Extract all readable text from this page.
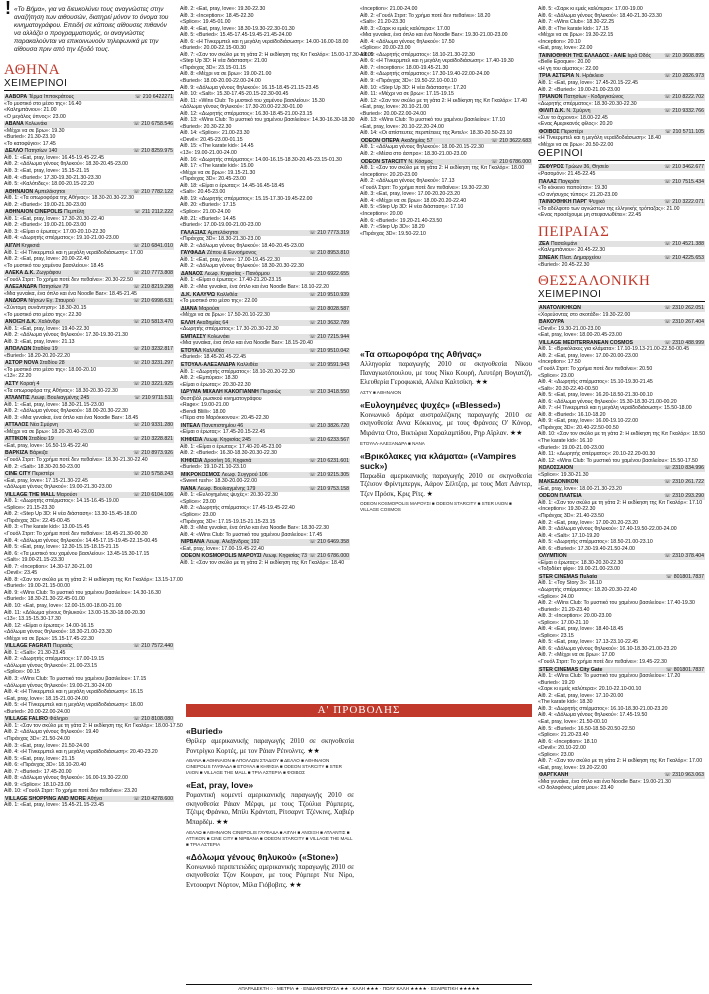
! «Το Βήμα», για να διευκολύνει τους αναγνώστες στην αναζήτηση των αιθουσών, διατηρεί μόνον το όνομα του κινηματογράφου. Επειδή σε κάποιες αίθουσες πιθανόν να αλλάζει ο προγραμματισμός, οι αναγνώστες παρακαλούνται να επικοινωνούν τηλεφωνικά με την αίθουσα πριν από την έξοδό τους.
ΑΘΗΝΑ
ΧΕΙΜΕΡΙΝΟΙ
ΑΑΒΟΡΑ Τέρμα Ιπποκράτους	☏ 210 6422271
«Το μυστικό στο μέσο της»: 16.40
«Καλημπάνιου»: 21.00
«Ο μεγάλος ύπνος»: 23.00
ΑΒΑΝΑ Κολωνάκι	☏ 210 6758.546
«Μέχρι να σε βρω»: 19.30
«Buried»: 21.30-23.10
«Το κατοφύγιο»: 17.45
ΔΕΛΛΟ Πατησίων 140	☏ 210 8259.975
Αίθ. 1: «Eat, pray, love»: 16.45-19.45-22.45
Αίθ. 2: «Δόλωμα γένους θηλυκού»: 18.30-20.45-23.00
Αίθ. 3: «Eat, pray, love»: 15.15-21.15
Αίθ. 4: «Buried»: 17.30-19.30-21.30-23.30
Αίθ. 5: «Καλότιδες»: 18.00-20.15-22.20
ΑΘΗΝΑΙΟΝ Αμπελόκηποι	☏ 210 7782.122
Αίθ. 1: «Τα οπωροφόρα της Αθήνας»: 18.30-20.30-22.30
Αίθ. 2: «Buried»: 19.00-21.30-23.00
ΑΘΗΝΑΙΟΝ CINEPOLIS Πεμπέλη	☏ 211 2112.222
Αίθ. 1: «Eat, pray, love»: 17.30-20.30-22.40
Αίθ. 2: «Buried»: 19.00-21.00-23.00
Αίθ. 3: «Είμαι ο έρωτας»: 17.00-20.10-22.30
Αίθ. 4: «Δωρητής σπέρματος»: 19.10-21.00-23.00
ΑΙΓΛΗ Κηφισιά	☏ 210 6841.010
Αίθ. 1: «Η Τίνκερμπελ και η μεγάλη νεραϊδοδιάσωση»: 17.00
Αίθ. 2: «Eat, pray, love»: 20.00-22.40
«Το μυστικό του χαμένου βασιλείου»: 18.45
ΑΛΕΚΑ Δ.Κ. Ζωγράφου	☏ 210 7773.808
«Γουόλ Στριτ: Το χρήμα ποτέ δεν πεθαίνει»: 20.30-22.50
ΑΛΕΞΑΝΔΡΑ Πατησίων 79	☏ 210 8219.298
«Μια γυναίκα, ένα όπλο και ένα Noodle Bar»: 18.45-21.45
ΑΝΔΟΡΑ Νήσων Εγ. Σταυρού	☏ 210 6998.631
«Σύντομη συνάντηση»: 18.30-20.15
«Το μυστικό στο μέσο της»: 22.30
ΑΝΟΙΞΗ Δ.Κ. Χαλάνδρι	☏ 210 5813.470
Αίθ. 1: «Eat, pray, love»: 19.40-22.30
Αίθ. 2: «Δόλωμα γένους θηλυκού»: 17.30-19.30-21.30
Αίθ. 3: «Eat, pray, love»: 21.13
ΑΠΟΛΛΩΝ Σταδίου 19	☏ 210 3232.817
«Buried»: 18.20-20.20-22.20
ΑΣΤΟΡ NOVA Σταδίου 28	☏ 210 3231.297
«Το μυστικό στο μέσο της»: 18.00-20.10
«13»: 22.20
ΑΣΤΥ Κοραή 4	☏ 210 3221.925
«Τα οπωροφόρα της Αθήνας»: 18.30-20.30-22.30
ΑΤΛΑΝΤΙΣ Λεωφ. Βουλιαγμένης 245	☏ 210 9711.511
Αίθ. 1: «Eat, pray, love»: 18.30-21.15-23.00
Αίθ. 2: «Δόλωμα γένους θηλυκού»: 18.00-20.30-22.30
Αίθ. 3: «Μια γυναίκα, ένα όπλο και ένα Noodle Bar»: 18.45
ΑΤΤΑΛΟΣ Νέα Σμύρνη	☏ 210 9331.280
«Μέχρι να σε βρω»: 18.20-20.40-23.00
ΑΤΤΙΚΟΝ Σταδίου 19	☏ 210 3228.821
«Eat, pray, love»: 16.50-19.45-22.40
ΒΑΡΚΙΖΑ Βάρκιζα	☏ 210 8973.926
«Γουόλ Στριτ: Το χρήμα ποτέ δεν πεθαίνει»: 18.30-21.30-22.40
Αίθ. 2: «Salt»: 18.30-20.50-23.00
CINE CITY Περιστέρι	☏ 210 5758.243
«Eat, pray, love»: 17.15-21.30-22.45
«Δόλωμα γένους θηλυκού»: 19.00-21.30-23.00
VILLAGE THE MALL Μαρούσι	☏ 210 6104.106
Αίθ. 1: «Δωρητής σπέρματος»: 14.15-16.45-19.00
«Splice»: 21.15-23.30
Αίθ. 2: «Step Up 3D: Η νέα διάσταση»: 13.30-15.45-18.00
«Πιράνχας 3D»: 22.45-00.45
Αίθ. 3: «The karate kid»: 13.00-15.45
«Γουόλ Στριτ: Το χρήμα ποτέ δεν πεθαίνει»: 18.45-21.30-00.30
Αίθ. 4: «Δόλωμα γένους θηλυκού»: 14.45-17.15-19.45-22.15-00.45
Αίθ. 5: «Eat, pray, love»: 12.30-15.15-18.15-21.15
Αίθ. 6: «Τα μυστικό του χαμένου βασιλείου»: 13.45-15.30-17.15
«Salt»: 19.00-21.15-23.30
Αίθ. 7: «Inception»: 14.30-17.30-21.00
«Devil»: 23.45
Αίθ. 8: «Σαν τον σκύλο με τη γάτα 2: Η εκδίκηση της Κιτ Γκαλόρ»: 13.15-17.00
«Buried»: 19.00-21.15-00.00
Αίθ. 9: «Wins Club: Το μυστικό του χαμένου βασιλείου»: 14.30-16.30
«Buried»: 18.30-21.30-22.45-01.00
Αίθ. 10: «Eat, pray, love»: 12.00-15.00-18.00-21.00
Αίθ. 11: «Δόλωμα γένους θηλυκού»: 13.00-15.30-18.00-20.30
«13»: 13.15-15.30-17.30
Αίθ. 12: «Είμαι ο έρωτας»: 14.00-16.15
«Δόλωμα γένους θηλυκού»: 18.30-21.00-23.30
«Μέχρι να σε βρω»: 15.15-17.45-22.30
VILLAGE FAGRATI Πειραιάς	☏ 210 7572.440
Αίθ. 1: «Salt»: 21.30-23.45
Αίθ. 2: «Δωρητής σπέρματος»: 17.00-19.15
«Δόλωμα γένους θηλυκού»: 21.00-23.15
«Splice»: 00.15
Αίθ. 3: «Wins Club: Το μυστικό του χαμένου βασιλείου»: 17.15
«Δόλωμα γένους θηλυκού»: 19.00-21.30-24.00
Αίθ. 4: «Η Τίνκερμπελ και η μεγάλη νεραϊδοδιάσωση»: 16.15
«Eat, pray, love»: 18.15-21.00-24.00
Αίθ. 5: «Η Τίνκερμπελ και η μεγάλη νεραϊδοδιάσωση»: 18.00
«Buried»: 20.00-22.00-24.00
VILLAGE FALIRO Φάληρο	☏ 210 8108.080
Αίθ. 1: «Σαν τον σκύλο με τη γάτα 2: Η εκδίκηση της Κιτ Γκαλόρ»: 18.00-17.50
Αίθ. 2: «Δόλωμα γένους θηλυκού»: 19.40
«Πιράνχας 3D»: 21.50-24.00
Αίθ. 3: «Eat, pray, love»: 21.50-24.00
Αίθ. 4: «Η Τίνκερμπελ και η μεγάλη νεραϊδοδιάσωση»: 20.40-23.20
Αίθ. 5: «Eat, pray, love»: 21.15
Αίθ. 6: «Πιράνχας 3D»: 18.10-20.40
Αίθ. 7: «Buried»: 17.45-20.00
Αίθ. 8: «Δόλωμα γένους θηλυκού»: 16.00-19.30-22.00
Αίθ. 9: «Splice»: 18.10-23.00
Αίθ. 10: «Γουόλ Στριτ: Το χρήμα ποτέ δεν πεθαίνει»: 23.20
VILLAGE SHOPPING AND MORE Αθήνα	☏ 210 4278.600
Αίθ. 1: «Eat, pray, love»: 15.45-21.15-23.45
Αίθ. 2: «Eat, pray, love»: 19.30-22.30
Αίθ. 3: «Inception»: 18.45-22.30
«Splice»: 19.45-01.00
Αίθ. 4: «Eat, pray, love»: 18.30-19.30-22.30-01.30
Αίθ. 5: «Buried»: 15.45-17.45-19.45-21.45-24.00
Αίθ. 6: «Η Τίνκερμπελ και η μεγάλη νεραϊδοδιάσωση»: 14.00-16.00-18.00
«Buried»: 20.00-22.15-00.30
Αίθ. 7: «Σαν τον σκύλο με τη γάτα 2: Η εκδίκηση της Κιτ Γκαλόρ»: 15.00-17.30-19.00
«Step Up 3D: Η νέα διάσταση»: 21.00
«Πιράνχας 3D»: 23.15-01.15
Αίθ. 8: «Μέχρι να σε βρω»: 19.00-21.00
«Buried»: 18.00-20.00-22.00-24.00
Αίθ. 9: «Δόλωμα γένους θηλυκού»: 16.15-18.45-21.15-23.45
Αίθ. 10: «Salt»: 15.30-17.45-20.15-22.30-00.45
Αίθ. 11: «Wins Club: Το μυστικό του χαμένου βασιλείου»: 15.30
«Δόλωμα γένους θηλυκού»: 17.30-20.00-22.30-01.00
Αίθ. 12: «Δωρητής σπέρματος»: 16.30-18.45-21.00-23.15
Αίθ. 13: «Wins Club: Το μυστικό του χαμένου βασιλείου»: 14.30-16.30-18.30
«Buried»: 20.30-22.30
Αίθ. 14: «Splice»: 21.00-23.30
«Devil»: 20.45-23.00-01.15
Αίθ. 15: «The karate kid»: 14.45
«13»: 19.00-21.00-24.00
Αίθ. 16: «Δωρητής σπέρματος»: 14.00-16.15-18.30-20.45-23.15-01.30
Αίθ. 17: «The karate kid»: 15.00
«Μέχρι να σε βρω»: 19.15-21.30
«Πιράνχας 3D»: 20.45-23.00
Αίθ. 18: «Είμαι ο έρωτας»: 14.45-16.45-18.45
«Salt»: 20.45-23.00
Αίθ. 19: «Δωρητής σπέρματος»: 15.15-17.30-19.45-22.00
Αίθ. 20: «Buried»: 17.15
«Splice»: 21.00-24.00
Αίθ. 21: «Buried»: 14.45
«Buried»: 17.00-19.00-21.00-23.00
ΓΑΛΑΞΙΑΣ Αμπελόκηποι	☏ 210 7773.319
«Πιράνχας 3D»: 18.30-21.30-23.00
Αίθ. 2: «Δόλωμα γένους θηλυκού»: 18.40-20.45-23.00
ΓΑΥΦΑΔΑ Ζέπου & Ευνοήμονος	☏ 210 8953.810
Αίθ. 1: «Eat, pray, love»: 17.00-19.45-22.30
Αίθ. 2: «Δόλωμα γένους θηλυκού»: 18.30-20.30-22.30
ΔΑΝΑΟΣ Λεωφ. Κηφισίας - Πανόρμου	☏ 210 6922.655
Αίθ. 1: «Είμαι ο έρωτας»: 17.40-21.20-23.15
Αίθ. 2: «Μια γυναίκα, ένα όπλο και ένα Noodle Bar»: 18.10-22.20
Δ.Κ. ΚΑΛΥΨΩ Καλλιθέα	☏ 210 9510.939
«Το μυστικό στο μέσο της»: 22.00
ΔΙΑΝΑ Μαρούσι	☏ 210 8028.587
«Μέχρι να σε βρω»: 17.50-20.10-22.30
ΕΛΛΗ Ακαδημίας 64	☏ 210 3632.789
«Δωρητής σπέρματος»: 17.30-20.30-22.30
ΕΜΠΑΣΣΥ Κολωνάκι	☏ 210 7215.944
«Μια γυναίκα, ένα όπλο και ένα Noodle Bar»: 18.15-20.40
ΕΤΟΥΑΛ Καλλιθέα	☏ 210 9510.042
«Buried»: 18.45-20.45-22.45
ΕΤΟΥΑΛ-ΑΛΕΞΑΝΔΡΑ Καλλιθέα	☏ 210 9591.943
Αίθ. 1: «Δωρητής σπέρματος»: 18.10-20.20-22.30
Αίθ. 2: «Εμπύρια»: 18.30
«Είμαι ο έρωτας»: 20.30-22.30
ΙΔΡΥΜΑ ΜΙΧΑΛΗ ΚΑΚΟΓΙΑΝΝΗ Πειραιώς	☏ 210 3418.550
Φεστιβάλ ρωσικού κινηματογράφου
«Rage»: 19.00-21.00
«Bendi Bliili»: 18.00
«Πέρα στο Μαρόκκονου»: 20.45-22.30
ΙΝΤΕΑΛ Πανεπιστημίου 46	☏ 210 3826.720
«Είμαι ο έρωτας»: 17.45-20.15-22.45
ΚΗΦΙΣΙΑ Λεωφ. Κηφισίας 245	☏ 210 6233.567
Αίθ. 1: «Είμαι ο έρωτας»: 17.40-20.45-23.00
Αίθ. 2: «Buried»: 16.30-18.30-20.30-22.30
ΚΗΦΙΣΙΑ Δροσίνη 16, Κηφισιά	☏ 210 6231.601
«Buried»: 19.10-21.10-23.10
ΜΙΚΡΟΚΟΣΜΟΣ Λεωφ. Συγγρού 106	☏ 210 9215.305
«Sweet rush»: 18.30-20.00-22.00
ΝΑΝΑ Λεωφ. Βουλιαγμένης 179	☏ 210 9753.158
Αίθ. 1: «Ευλογημένες ψυχές»: 20.30-22.30
«Splice»: 23.00
Αίθ. 2: «Δωρητής σπέρματος»: 17.45-19.45-22.40
«Splice»: 23.00
«Πιράνχας 3D»: 17.15-19.15-21.15-23.15
Αίθ. 3: «Μια γυναίκα, ένα όπλο και ένα Noodle Bar»: 18.30-22.30
Αίθ. 4: «Wins Club: Το μυστικό του χαμένου βασιλείου»: 17.45
ΝΙΡΒΑΝΑ Λεωφ. Αλεξάνδρας 192	☏ 210 6469.358
«Eat, pray, love»: 17.00-19.45-22.40
ODEON KOSMOPOLIS ΜΑΡΟΥΣΙ Λεωφ. Κηφισίας 73 ☏ 210 6786.000
Αίθ. 1: «Σαν τον σκύλο με τη γάτα 2: Η εκδίκηση της Κιτ Γκαλόρ»: 18.40
«Inception»: 21.00-24.00
Αίθ. 2: «Γουόλ Στριτ: Το χρήμα ποτέ δεν πεθαίνει»: 18.20
«Salt»: 21.20-23.30
Αίθ. 3: «Σαρκ κι εμείς καλύτερα»: 17.00
«Μια γυναίκα, ένα όπλο και ένα Noodle Bar»: 19.30-21.00-23.00
Αίθ. 4: «Δόλωμα γένους θηλυκού»: 17.50
«Splice»: 20.00-23.00
Αίθ. 5: «Δωρητής σπέρματος»: 18.10-21.30-22.30
Αίθ. 6: «Η Τίνκερμπελ και η μεγάλη νεραϊδοδιάσωση»: 17.40-19.30
Αίθ. 7: «Inception»: 18.00-19.45-21.30
Αίθ. 8: «Δωρητής σπέρματος»: 17.30-19.40-22.00-24.00
Αίθ. 9: «Πιράνχας 3D»: 19.50-22.10-00.10
Αίθ. 10: «Step Up 3D: Η νέα διάσταση»: 17.20
Αίθ. 11: «Μέχρι να σε βρω»: 17.15-19.15
Αίθ. 12: «Σαν τον σκύλο με τη γάτα 2: Η εκδίκηση της Κιτ Γκαλόρ»: 17.40
«Eat, pray, love»: 20.10-21.00
«Buried»: 20.00-22.00-24.00
Αίθ. 13: «Wins Club: Το μυστικό του χαμένου βασιλείου»: 17.10
«Eat, pray, love»: 20.10-22.20-24.00
Αίθ. 14: «Οι απίστευτες περιπέτειες της Άντελ»: 18.30-20.50-23.10
ODEON ΟΠΕΡΑ Ακαδημίας 57	☏ 210 3622.683
Αίθ. 1: «Δόλωμα γένους θηλυκού»: 18.00-20.15-22.30
Αίθ. 2: «Μέσα στο άσπρο»: 18.30-21.00-23.00
ODEON STARCITY Ν. Κόσμος	☏ 210 6786.000
Αίθ. 1: «Σαν τον σκύλο με τη γάτα 2: Η εκδίκηση της Κιτ Γκαλόρ»: 18.00
«Inception»: 20.20-23.00
Αίθ. 2: «Δόλωμα γένους θηλυκού»: 17.13
«Γουόλ Στριτ: Το χρήμα ποτέ δεν πεθαίνει»: 19.30-22.30
Αίθ. 3: «Eat, pray, love»: 17.00-20.20-23.20
Αίθ. 4: «Μέχρι να σε βρω»: 18.00-20.20-22.40
Αίθ. 5: «Step Up 3D: Η νέα διάσταση»: 17.10
«Inception»: 20.00
Αίθ. 6: «Buried»: 19.20-21.40-23.50
Αίθ. 7: «Step Up 3D»: 18.20
«Πιράνχας 3D»: 19.50-22.10
Αίθ. 5: «Σαρκ κι εμείς καλύτερα»: 17.00-19.00
Αίθ. 6: «Δόλωμα γένους θηλυκού»: 18.40-21.30-23.30
Αίθ. 7: «Wins Club»: 18.30-22.25
Αίθ. 8: «The karate kid»: 17.15
«Μέχρι να σε βρω»: 19.30-22.15
«Inception»: 20.10
«Eat, pray, love»: 22.00
ΤΑΙΝΙΟΘΗΚΗ ΤΗΣ ΕΛΛΑΔΟΣ - ΑΑΙΕ Ιερά Οδός	☏ 210 3608.895
«Belle Epoque»: 20.00
«Η γη του αίματος»: 22.00
ΤΡΙΑ ΑΣΤΕΡΙΑ Ν. Ηράκλειο	☏ 210 2826.973
Αίθ. 1: «Eat, pray, love»: 17.45-20.15-22.45
Αίθ. 2: «Buried»: 19.00-21.00-23.00
ΤΡΙΑΝΟΝ Πατησίων - Κοδριγκτώνος	☏ 210 8222.702
«Δωρητής σπέρματος»: 18.30-20.30-22.30
ΦΙΛΙΠ Δ.Κ. Ν. Σμύρνη	☏ 210 9332.766
«Συν το άχρονο»: 18.00-22.45
«Ενας Αμερικανός φίλος»: 20.20
ΦΟΙΒΟΣ Περιστέρι	☏ 210 5711.105
«Η Τίνκερμπελ και η μεγάλη νεραϊδοδιάσωση»: 18.40
«Μέχρι να σε βρω»: 20.50-22.00
ΘΕΡΙΝΟΙ
ΖΕΦΥΡΟΣ Τρώων 36, Θησείο	☏ 210 3462.677
«Ρασομόν»: 21.45-22.45
ΠΑΛΑΣ Παγκράτι	☏ 210 7515.434
«Το κόκκινο παπούτσι»: 19.30
«Ο ανήσυχος τύπος»: 21.20-23.00
ΤΑΙΝΙΟΘΗΚΗ ΠΑΡΓ Ψυχικό	☏ 210 3222.071
«Το αδέλφοτο των αγνώστων της ελληνικής τρόπαζας»: 21.00
«Ενας προσέχουμε μη στεφανωθέτει»: 22.45
ΠΕΙΡΑΙΑΣ
ΖΕΑ Πασαλιμάνι	☏ 210 4521.388
«Καλημπάνιου»: 20.45-22.30
ΣΙΝΕΑΚ Πλατ. Δημαρχείου	☏ 210 4225.653
«Buried»: 20.45-22.30
ΘΕΣΣΑΛΟΝΙΚΗ
ΧΕΙΜΕΡΙΝΟΙ
ΑΝΑΤΟΛΙΚΗΚΩΝ	☏ 2310 262.051
«Χορεύοντας στο σκοτάδι»: 19.30-22.00
ΒΑΚΟΥΡΑ	☏ 2310 267.404
«Devil»: 19.30-21.00-23.00
«Eat, pray, love»: 18.00-20.45-23.00
VILLAGE MEDITERRANEAN COSMOS	☏ 2310 488.999
Αίθ. 1: «Βρικόλακες για κλάματα»: 17.10-19.13-21.00-22.50-00.45
Αίθ. 2: «Eat, pray, love»: 17.00-20.00-23.00
«Inception»: 17.50
«Γουόλ Στριτ: Το χρήμα ποτέ δεν πεθαίνει»: 20.50
«Splice»: 23.00
Αίθ. 4: «Δωρητής σπέρματος»: 15.10-19.30-21.45
«Salt»: 20.30-22.40-00.50
Αίθ. 5: «Eat, pray, love»: 16.20-18.50-21.30-00.10
Αίθ. 6: «Δόλωμα γένους θηλυκού»: 15.30-18.30-21.00-00.20
Αίθ. 7: «Η Τίνκερμπελ και η μεγάλη νεραϊδοδιάσωση»: 15.50-18.00
Αίθ. 8: «Buried»: 16.10-18.20
Αίθ. 9: «Eat, pray, love»: 16.00-19.10-22.00
«Πιράνχας 3D»: 20.40-22.50-00.50
Αίθ. 10: «Σαν τον σκύλο με τη γάτα 2: Η εκδίκηση της Κιτ Γκαλόρ»: 18.50
«The karate kid»: 16.10
«Buried»: 19.00-21.00-23.00
Αίθ. 11: «Δωρητής σπέρματος»: 20.10-22.20-00.30
Αίθ. 12: «Wins Club: Το μυστικό του χαμένου βασιλείου»: 15.50-17.50
ΚΟΛΟΣΣΑΙΟΝ	☏ 2310 834.996
«Splice»: 19.30-21.30
ΜΑΚΕΔΟΝΙΚΟΝ	☏ 2310 261.722
«Eat, pray, love»: 18.00-21.30-23.20
ODEON ΠΛΑΤΕΙΑ	☏ 2310 293.290
Αίθ. 1: «Σαν τον σκύλο με τη γάτα 2: Η εκδίκηση της Κιτ Γκαλόρ»: 17.10
«Inception»: 19.30-22.30
«Πιράνχας 3D»: 21.40-23.50
Αίθ. 2: «Eat, pray, love»: 17.00-20.20-23.20
Αίθ. 3: «Δόλωμα γένους θηλυκού»: 17.40-19.50-22.00-24.00
Αίθ. 4: «Salt»: 17.10-19.20
Αίθ. 5: «Δωρητής σπέρματος»: 18.50-21.00-23.10
Αίθ. 6: «Buried»: 17.30-19.40-21.50-24.00
ΟΛΥΜΠΙΟΝ	☏ 2310 378.404
«Είμαι ο έρωτας»: 18.30-20.30-22.30
«Τοξοδέκτ φίφι»: 19.00-21.00-23.00
STER CINEMAS Πυλαία	☏ 801801.7837
Αίθ. 1: «Toy Story 3»: 16.10
«Δωρητής σπέρματος»: 18.20-20.30-22.40
«Splice»: 24.00
Αίθ. 2: «Wins Club: Το μυστικό του χαμένου βασιλείου»: 17.40-19.30
«Buried»: 21.20-23.40
Αίθ. 3: «Inception»: 20.00-23.00
«Splice»: 17.00-21.10
Αίθ. 4: «Eat, pray, love»: 18.40-18.45
«Splice»: 23.15
Αίθ. 5: «Eat, pray, love»: 17.13-23.10-22.45
Αίθ. 6: «Δόλωμα γένους θηλυκού»: 16.10-18.30-21.00-23.20
Αίθ. 7: «Μέχρι να σε βρω»: 17.00
«Γουόλ Στριτ: Το χρήμα ποτέ δεν πεθαίνει»: 19.45-22.30
STER CINEMAS City Gate	☏ 801801.7837
Αίθ. 1: «Wins Club: Το μυστικό του χαμένου βασιλείου»: 17.20
«Buried»: 19.20
«Σαρκ κι εμείς καλύτερα»: 20.10-22.10-00.10
Αίθ. 2: «Eat, pray, love»: 17.10-20.00
«The karate kid»: 18.30
Αίθ. 3: «Δωρητής σπέρματος»: 16.10-18.30-21.00-23.20
Αίθ. 4: «Δόλωμα γένους θηλυκού»: 17.45-19.50
«Eat, pray, love»: 21.50-00.10
Αίθ. 5: «Buried»: 16.50-18.50-20.50-22.50
«Splice»: 21.20-23.40
Αίθ. 6: «Inception»: 18.10
«Devil»: 20.10-22.00
«Splice»: 23.00
Αίθ. 7: «Σαν τον σκύλο με τη γάτα 2: Η εκδίκηση της Κιτ Γκαλόρ»: 17.00
«Eat, pray, love»: 19.20-22.00
ΦΑΡΓΚΑΝΗ	☏ 2310 963.063
«Μια γυναίκα, ένα όπλο και ένα Noodle Bar»: 19.00-21.30
«Ο δολοφόνος μέσα μου»: 23.40
Α' ΠΡΟΒΟΛΗΣ
«Buried»
Θρίλερ αμερικανικής παραγωγής 2010 σε σκηνοθεσία Ροντρίγκο Κορτές, με τον Ράιαν Ρέινολντς. ★★
ΑΒΑΝΑ ■ ΑΘΗΝΑΙΟΝ ■ ΑΠΟΛΛΩΝ ΣΤΑΔΙΟΥ ■ ΔΕΛΛΟ ■ ΑΘΗΝΑΙΟΝ CINEPOLIS ΓΛΥΦΑΔΑ ■ ΕΤΟΥΑΛ ■ ΚΗΦΙΣΙΑ ■ ODEON STARCITY ■ STER ΙΛΙΟΝ ■ VILLAGE THE MALL ■ ΤΡΙΑ ΑΣΤΕΡΙΑ ■ ΦΟΙΒΟΣ
«Eat, pray, love»
Ρομαντική κομεντί αμερικανικής παραγωγής 2010 σε σκηνοθεσία Ράιαν Μέρφι, με τους Τζούλια Ρόμπερτς, Τζέιμς Φράνκο, Μπίλι Κράνταπ, Ρίτσαρντ Τζένκινς, Χαβιέρ Μπαρδέμ. ★★
ΑΕΛΛΩ ■ ΑΘΗΝΑΙΟΝ CINEPOLIS ΓΛΥΦΑΔΑ ■ ΑΙΓΛΗ ■ ΑΝΟΙΞΗ ■ ΑΤΛΑΝΤΙΣ ■ ΑΤΤΙΚΟΝ ■ CINE CITY ■ ΝΙΡΒΑΝΑ ■ ODEON STARCITY ■ VILLAGE THE MALL ■ ΤΡΙΑ ΑΣΤΕΡΙΑ
«Δόλωμα γένους θηλυκού» («Stone»)
Κοινωνικό περιπετειώδες αμερικανικής παραγωγής 2010 σε σκηνοθεσία Τζον Κουραν, με τους Ρόμπερτ Ντε Νίρο, Εντουαρντ Νόρτον, Μίλα Γιόβοβιτς. ★★
«Τα οπωροφόρα της Αθήνας»
Αλληγορία παραγωγής 2010 σε σκηνοθεσία Νίκου Παναγιωτόπουλου, με τους Νίκο Κουρή, Λευτέρη Βογιατζή, Ελευθερία Γεροφωκιά, Αλέκα Καλτσίκη. ★★
ΑΣΤΥ ■ ΑΘΗΝΑΙΟΝ
«Ευλογημένες ψυχές» («Blessed»)
Κοινωνικό δράμα αυστραλέζικης παραγωγής 2010 σε σκηνοθεσία Αννα Κόκκινος, με τους Φράνσες Ο' Κόνορ, Μιράντα Οτο, Βικτώρια Χαραλαμπίδου, Ρηρ Αϊρλαν. ★★
ΕΤΟΥΑΛ-ΑΛΕΞΑΝΔΡΑ ■ ΝΑΝΑ
«Βρικόλακες για κλάματα» («Vampires suck»)
Παρωδία αμερικανικής παραγωγής 2010 σε σκηνοθεσία Τζέισον Φρίντμπεργκ, Αάρον Σέλτζερ, με τους Ματ Λάντερ, Τζεν Πρόσκ, Κρις Ρίτς. ★
ODEON KOSMOPOLIS ΜΑΡΟΥΣΙ ■ ODEON STARCITY ■ STER ΙΛΙΟΝ ■ VILLAGE COSMOS
ΑΠΑΡΑΔΕΚΤΗ ○ · ΜΕΤΡΙΑ ★ · ΕΝΔΙΑΦΕΡΟΥΣΑ ★★ · ΚΑΛΗ ★★★ · ΠΟΛΥ ΚΑΛΗ ★★★★ · ΕΞΑΙΡΕΤΙΚΗ ★★★★★
